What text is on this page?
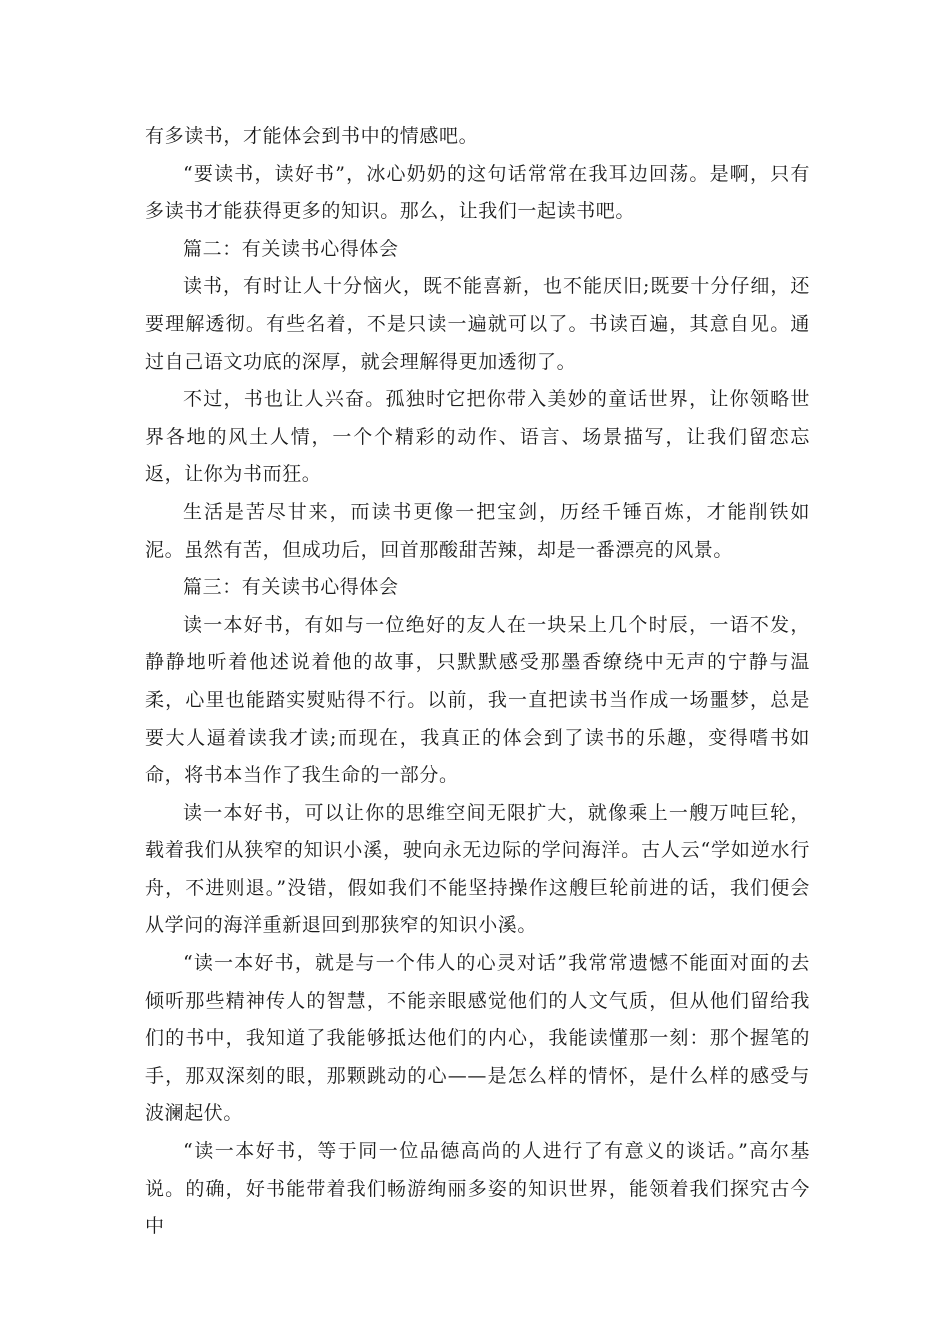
有多读书，才能体会到书中的情感吧。

“要读书，读好书”，冰心奶奶的这句话常常在我耳边回荡。是啊，只有多读书才能获得更多的知识。那么，让我们一起读书吧。

篇二：有关读书心得体会

读书，有时让人十分恼火，既不能喜新，也不能厌旧;既要十分仔细，还要理解透彻。有些名着，不是只读一遍就可以了。书读百遍，其意自见。通过自己语文功底的深厚，就会理解得更加透彻了。

不过，书也让人兴奋。孤独时它把你带入美妙的童话世界，让你领略世界各地的风土人情，一个个精彩的动作、语言、场景描写，让我们留恋忘返，让你为书而狂。

生活是苦尽甘来，而读书更像一把宝剑，历经千锤百炼，才能削铁如泥。虽然有苦，但成功后，回首那酸甜苦辣，却是一番漂亮的风景。

篇三：有关读书心得体会

读一本好书，有如与一位绝好的友人在一块呆上几个时辰，一语不发，静静地听着他述说着他的故事，只默默感受那墨香缭绕中无声的宁静与温柔，心里也能踏实熨贴得不行。以前，我一直把读书当作成一场噩梦，总是要大人逼着读我才读;而现在，我真正的体会到了读书的乐趣，变得嗜书如命，将书本当作了我生命的一部分。

读一本好书，可以让你的思维空间无限扩大，就像乘上一艘万吨巨轮，载着我们从狭窄的知识小溪，驶向永无边际的学问海洋。古人云“学如逆水行舟，不进则退。”没错，假如我们不能坚持操作这艘巨轮前进的话，我们便会从学问的海洋重新退回到那狭窄的知识小溪。

“读一本好书，就是与一个伟人的心灵对话”我常常遗憾不能面对面的去倾听那些精神传人的智慧，不能亲眼感觉他们的人文气质，但从他们留给我们的书中，我知道了我能够抵达他们的内心，我能读懂那一刻：那个握笔的手，那双深刻的眼，那颗跳动的心——是怎么样的情怀，是什么样的感受与波澜起伏。

“读一本好书，等于同一位品德高尚的人进行了有意义的谈话。”高尔基说。的确，好书能带着我们畅游绚丽多姿的知识世界，能领着我们探究古今中
